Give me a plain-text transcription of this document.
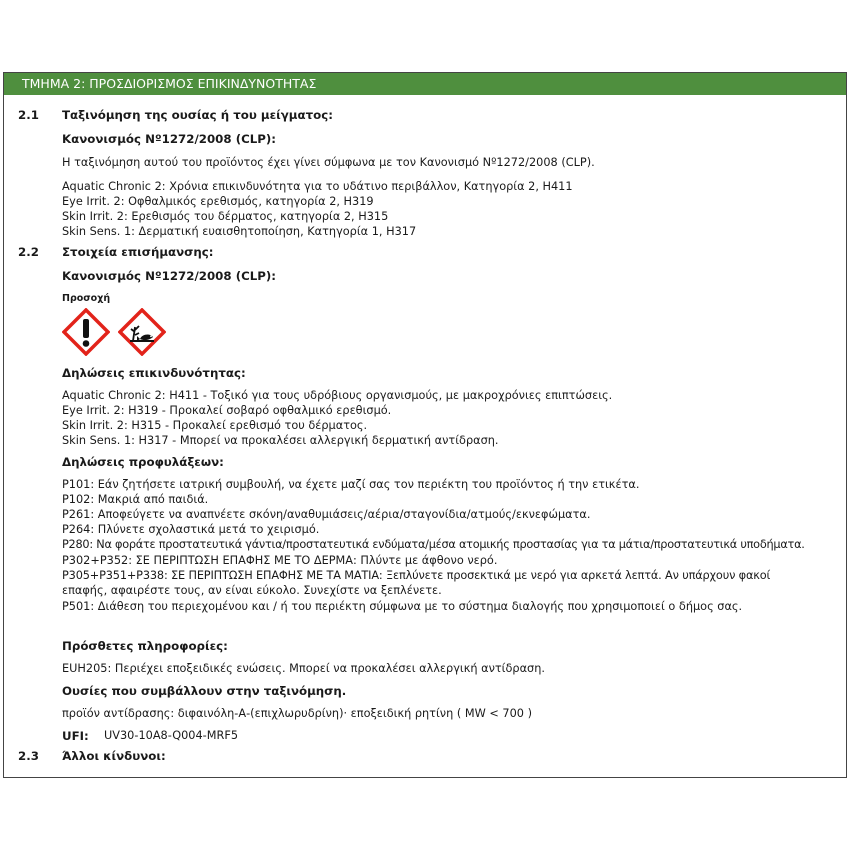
ΤΜΗΜΑ 2: ΠΡΟΣΔΙΟΡΙΣΜΟΣ ΕΠΙΚΙΝΔΥΝΟΤΗΤΑΣ
2.1 Ταξινόμηση της ουσίας ή του μείγματος:
Κανονισμός Nº1272/2008 (CLP):
Η ταξινόμηση αυτού του προϊόντος έχει γίνει σύμφωνα με τον Κανονισμό Nº1272/2008 (CLP).
Aquatic Chronic 2: Χρόνια επικινδυνότητα για το υδάτινο περιβάλλον, Κατηγορία 2, H411
Eye Irrit. 2: Οφθαλμικός ερεθισμός, κατηγορία 2, H319
Skin Irrit. 2: Ερεθισμός του δέρματος, κατηγορία 2, H315
Skin Sens. 1: Δερματική ευαισθητοποίηση, Κατηγορία 1, H317
2.2 Στοιχεία επισήμανσης:
Κανονισμός Nº1272/2008 (CLP):
Προσοχή
Δηλώσεις επικινδυνότητας:
Aquatic Chronic 2: H411 - Τοξικό για τους υδρόβιους οργανισμούς, με μακροχρόνιες επιπτώσεις.
Eye Irrit. 2: H319 - Προκαλεί σοβαρό οφθαλμικό ερεθισμό.
Skin Irrit. 2: H315 - Προκαλεί ερεθισμό του δέρματος.
Skin Sens. 1: H317 - Μπορεί να προκαλέσει αλλεργική δερματική αντίδραση.
Δηλώσεις προφυλάξεων:
P101: Εάν ζητήσετε ιατρική συμβουλή, να έχετε μαζί σας τον περιέκτη του προϊόντος ή την ετικέτα.
P102: Μακριά από παιδιά.
P261: Αποφεύγετε να αναπνέετε σκόνη/αναθυμιάσεις/αέρια/σταγονίδια/ατμούς/εκνεφώματα.
P264: Πλύνετε σχολαστικά μετά το χειρισμό.
P280: Να φοράτε προστατευτικά γάντια/προστατευτικά ενδύματα/μέσα ατομικής προστασίας για τα μάτια/προστατευτικά υποδήματα.
P302+P352: ΣΕ ΠΕΡΙΠΤΩΣΗ ΕΠΑΦΗΣ ΜΕ ΤΟ ΔΕΡΜΑ: Πλύντε με άφθονο νερό.
P305+P351+P338: ΣΕ ΠΕΡΙΠΤΩΣΗ ΕΠΑΦΗΣ ΜΕ ΤΑ ΜΑΤΙΑ: Ξεπλύνετε προσεκτικά με νερό για αρκετά λεπτά. Αν υπάρχουν φακοί
επαφής, αφαιρέστε τους, αν είναι εύκολο. Συνεχίστε να ξεπλένετε.
P501: Διάθεση του περιεχομένου και / ή του περιέκτη σύμφωνα με το σύστημα διαλογής που χρησιμοποιεί ο δήμος σας.
Πρόσθετες πληροφορίες:
EUH205: Περιέχει εποξειδικές ενώσεις. Μπορεί να προκαλέσει αλλεργική αντίδραση.
Ουσίες που συμβάλλουν στην ταξινόμηση.
προϊόν αντίδρασης: διφαινόλη-Α-(επιχλωρυδρίνη)· εποξειδική ρητίνη ( MW < 700 )
UFI: UV30-10A8-Q004-MRF5
2.3 Άλλοι κίνδυνοι:
